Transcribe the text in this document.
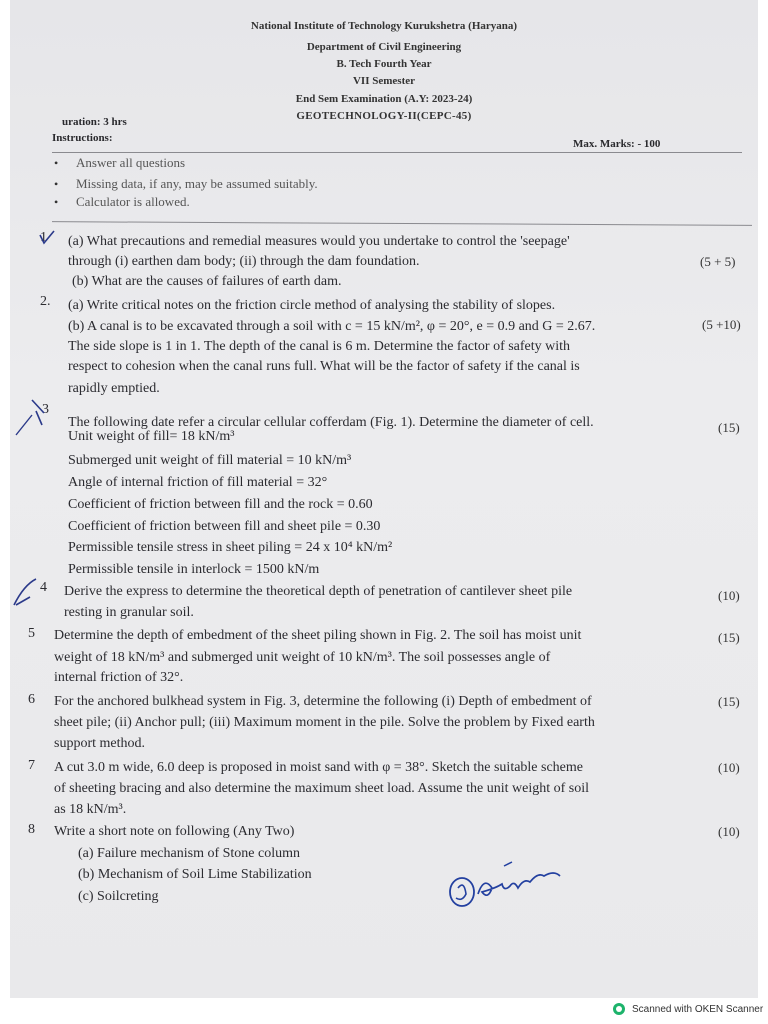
National Institute of Technology Kurukshetra (Haryana)
Department of Civil Engineering
B. Tech Fourth Year
VII Semester
End Sem Examination (A.Y: 2023-24)
GEOTECHNOLOGY-II(CEPC-45)
uration: 3 hrs
Instructions:	Max. Marks: - 100
• Answer all questions
• Missing data, if any, may be assumed suitably.
• Calculator is allowed.
1 (a) What precautions and remedial measures would you undertake to control the 'seepage'
through (i) earthen dam body; (ii) through the dam foundation.
(b) What are the causes of failures of earth dam.
(5 + 5)
2. (a) Write critical notes on the friction circle method of analysing the stability of slopes.
(b) A canal is to be excavated through a soil with c = 15 kN/m², φ = 20°, e = 0.9 and G = 2.67.
The side slope is 1 in 1. The depth of the canal is 6 m. Determine the factor of safety with
respect to cohesion when the canal runs full. What will be the factor of safety if the canal is
rapidly emptied.
(5 +10)
3
The following date refer a circular cellular cofferdam (Fig. 1). Determine the diameter of cell.
Unit weight of fill= 18 kN/m³
Submerged unit weight of fill material = 10 kN/m³
Angle of internal friction of fill material = 32°
Coefficient of friction between fill and the rock = 0.60
Coefficient of friction between fill and sheet pile = 0.30
Permissible tensile stress in sheet piling = 24 x 10⁴ kN/m²
Permissible tensile in interlock = 1500 kN/m
(15)
4 Derive the express to determine the theoretical depth of penetration of cantilever sheet pile
resting in granular soil.
(10)
5 Determine the depth of embedment of the sheet piling shown in Fig. 2. The soil has moist unit
weight of 18 kN/m³ and submerged unit weight of 10 kN/m³. The soil possesses angle of
internal friction of 32°.
(15)
6 For the anchored bulkhead system in Fig. 3, determine the following (i) Depth of embedment of
sheet pile; (ii) Anchor pull; (iii) Maximum moment in the pile. Solve the problem by Fixed earth
support method.
(15)
7 A cut 3.0 m wide, 6.0 deep is proposed in moist sand with φ = 38°. Sketch the suitable scheme
of sheeting bracing and also determine the maximum sheet load. Assume the unit weight of soil
as 18 kN/m³.
(10)
8 Write a short note on following (Any Two)
(a) Failure mechanism of Stone column
(b) Mechanism of Soil Lime Stabilization
(c) Soilcreting
(10)
Scanned with OKEN Scanner
